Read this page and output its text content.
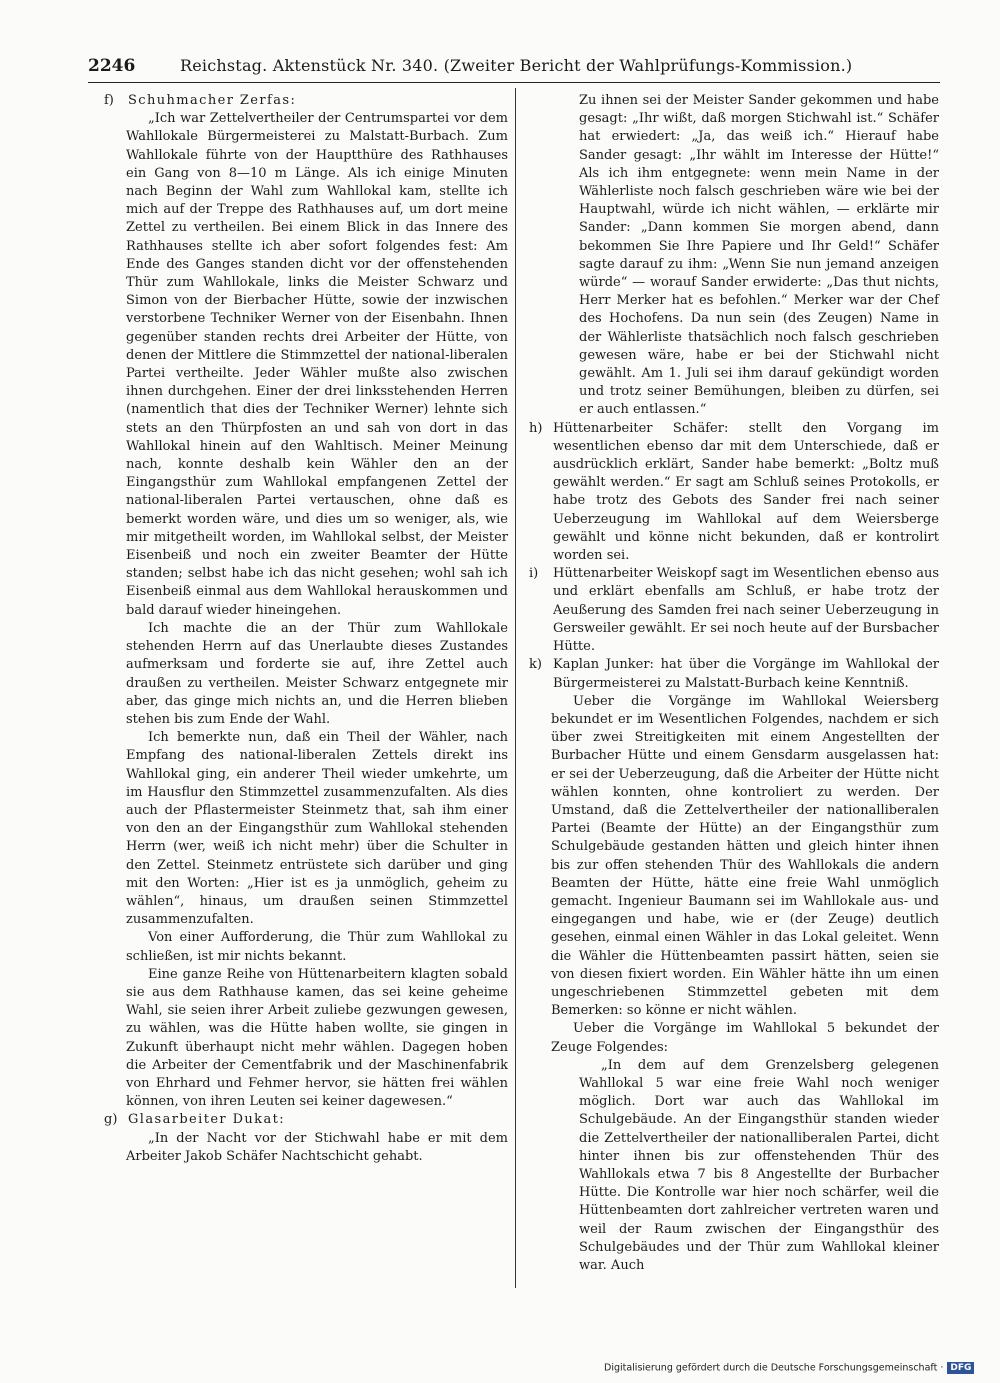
2246	Reichstag. Aktenstück Nr. 340. (Zweiter Bericht der Wahlprüfungs-Kommission.)
f)	Schuhmacher Zerfas:

„Ich war Zettelvertheiler der Centrumspartei vor dem Wahllokale Bürgermeisterei zu Malstatt-Burbach. Zum Wahllokale führte von der Hauptthüre des Rathhauses ein Gang von 8—10 m Länge. Als ich einige Minuten nach Beginn der Wahl zum Wahllokal kam, stellte ich mich auf der Treppe des Rathhauses auf, um dort meine Zettel zu vertheilen. Bei einem Blick in das Innere des Rathhauses stellte ich aber sofort folgendes fest: Am Ende des Ganges standen dicht vor der offenstehenden Thür zum Wahllokale, links die Meister Schwarz und Simon von der Bierbacher Hütte, sowie der inzwischen verstorbene Techniker Werner von der Eisenbahn. Ihnen gegenüber standen rechts drei Arbeiter der Hütte, von denen der Mittlere die Stimmzettel der national-liberalen Partei vertheilte. Jeder Wähler mußte also zwischen ihnen durchgehen. Einer der drei linksstehenden Herren (namentlich that dies der Techniker Werner) lehnte sich stets an den Thürpfosten an und sah von dort in das Wahllokal hinein auf den Wahltisch. Meiner Meinung nach, konnte deshalb kein Wähler den an der Eingangsthür zum Wahllokal empfangenen Zettel der national-liberalen Partei vertauschen, ohne daß es bemerkt worden wäre, und dies um so weniger, als, wie mir mitgetheilt worden, im Wahllokal selbst, der Meister Eisenbeiß und noch ein zweiter Beamter der Hütte standen; selbst habe ich das nicht gesehen; wohl sah ich Eisenbeiß einmal aus dem Wahllokal herauskommen und bald darauf wieder hineingehen.

Ich machte die an der Thür zum Wahllokale stehenden Herrn auf das Unerlaubte dieses Zustandes aufmerksam und forderte sie auf, ihre Zettel auch draußen zu vertheilen. Meister Schwarz entgegnete mir aber, das ginge mich nichts an, und die Herren blieben stehen bis zum Ende der Wahl.

Ich bemerkte nun, daß ein Theil der Wähler, nach Empfang des national-liberalen Zettels direkt ins Wahllokal ging, ein anderer Theil wieder umkehrte, um im Hausflur den Stimmzettel zusammenzufalten. Als dies auch der Pflastermeister Steinmetz that, sah ihm einer von den an der Eingangsthür zum Wahllokal stehenden Herrn (wer, weiß ich nicht mehr) über die Schulter in den Zettel. Steinmetz entrüstete sich darüber und ging mit den Worten: „Hier ist es ja unmöglich, geheim zu wählen“, hinaus, um draußen seinen Stimmzettel zusammenzufalten.

Von einer Aufforderung, die Thür zum Wahllokal zu schließen, ist mir nichts bekannt.

Eine ganze Reihe von Hüttenarbeitern klagten sobald sie aus dem Rathhause kamen, das sei keine geheime Wahl, sie seien ihrer Arbeit zuliebe gezwungen gewesen, zu wählen, was die Hütte haben wollte, sie gingen in Zukunft überhaupt nicht mehr wählen. Dagegen hoben die Arbeiter der Cementfabrik und der Maschinenfabrik von Ehrhard und Fehmer hervor, sie hätten frei wählen können, von ihren Leuten sei keiner dagewesen.“

g) Glasarbeiter Dukat:

„In der Nacht vor der Stichwahl habe er mit dem Arbeiter Jakob Schäfer Nachtschicht gehabt.

Zu ihnen sei der Meister Sander gekommen und habe gesagt: „Ihr wißt, daß morgen Stichwahl ist.“ Schäfer hat erwiedert: „Ja, das weiß ich.“ Hierauf habe Sander gesagt: „Ihr wählt im Interesse der Hütte!“ Als ich ihm entgegnete: wenn mein Name in der Wählerliste noch falsch geschrieben wäre wie bei der Hauptwahl, würde ich nicht wählen, — erklärte mir Sander: „Dann kommen Sie morgen abend, dann bekommen Sie Ihre Papiere und Ihr Geld!“ Schäfer sagte darauf zu ihm: „Wenn Sie nun jemand anzeigen würde“ — worauf Sander erwiderte: „Das thut nichts, Herr Merker hat es befohlen.“ Merker war der Chef des Hochofens. Da nun sein (des Zeugen) Name in der Wählerliste thatsächlich noch falsch geschrieben gewesen wäre, habe er bei der Stichwahl nicht gewählt. Am 1. Juli sei ihm darauf gekündigt worden und trotz seiner Bemühungen, bleiben zu dürfen, sei er auch entlassen.“

h) Hüttenarbeiter Schäfer: stellt den Vorgang im wesentlichen ebenso dar mit dem Unterschiede, daß er ausdrücklich erklärt, Sander habe bemerkt: „Boltz muß gewählt werden.“ Er sagt am Schluß seines Protokolls, er habe trotz des Gebots des Sander frei nach seiner Ueberzeugung im Wahllokal auf dem Weiersberge gewählt und könne nicht bekunden, daß er kontrolirt worden sei.
i)	Hüttenarbeiter Weiskopf sagt im Wesentlichen ebenso aus und erklärt ebenfalls am Schluß, er habe trotz der Aeußerung des Samden frei nach seiner Ueberzeugung in Gersweiler gewählt. Er sei noch heute auf der Bursbacher Hütte.
k) Kaplan Junker: hat über die Vorgänge im Wahllokal der Bürgermeisterei zu Malstatt-Burbach keine Kenntniß.

Ueber die Vorgänge im Wahllokal Weiersberg bekundet er im Wesentlichen Folgendes, nachdem er sich über zwei Streitigkeiten mit einem Angestellten der Burbacher Hütte und einem Gensdarm ausgelassen hat: er sei der Ueberzeugung, daß die Arbeiter der Hütte nicht wählen konnten, ohne kontroliert zu werden. Der Umstand, daß die Zettelvertheiler der nationalliberalen Partei (Beamte der Hütte) an der Eingangsthür zum Schulgebäude gestanden hätten und gleich hinter ihnen bis zur offen stehenden Thür des Wahllokals die andern Beamten der Hütte, hätte eine freie Wahl unmöglich gemacht. Ingenieur Baumann sei im Wahllokale aus- und eingegangen und habe, wie er (der Zeuge) deutlich gesehen, einmal einen Wähler in das Lokal geleitet. Wenn die Wähler die Hüttenbeamten passirt hätten, seien sie von diesen fixiert worden. Ein Wähler hätte ihn um einen ungeschriebenen Stimmzettel gebeten mit dem Bemerken: so könne er nicht wählen.

Ueber die Vorgänge im Wahllokal 5 bekundet der Zeuge Folgendes:

„In dem auf dem Grenzelsberg gelegenen Wahllokal 5 war eine freie Wahl noch weniger möglich. Dort war auch das Wahllokal im Schulgebäude. An der Eingangsthür standen wieder die Zettelvertheiler der nationalliberalen Partei, dicht hinter ihnen bis zur offenstehenden Thür des Wahllokals etwa 7 bis 8 Angestellte der Burbacher Hütte. Die Kontrolle war hier noch schärfer, weil die Hüttenbeamten dort zahlreicher vertreten waren und weil der Raum zwischen der Eingangsthür des Schulgebäudes und der Thür zum Wahllokal kleiner war. Auch

Digitalisierung gefördert durch die Deutsche Forschungsgemeinschaft · DFG
